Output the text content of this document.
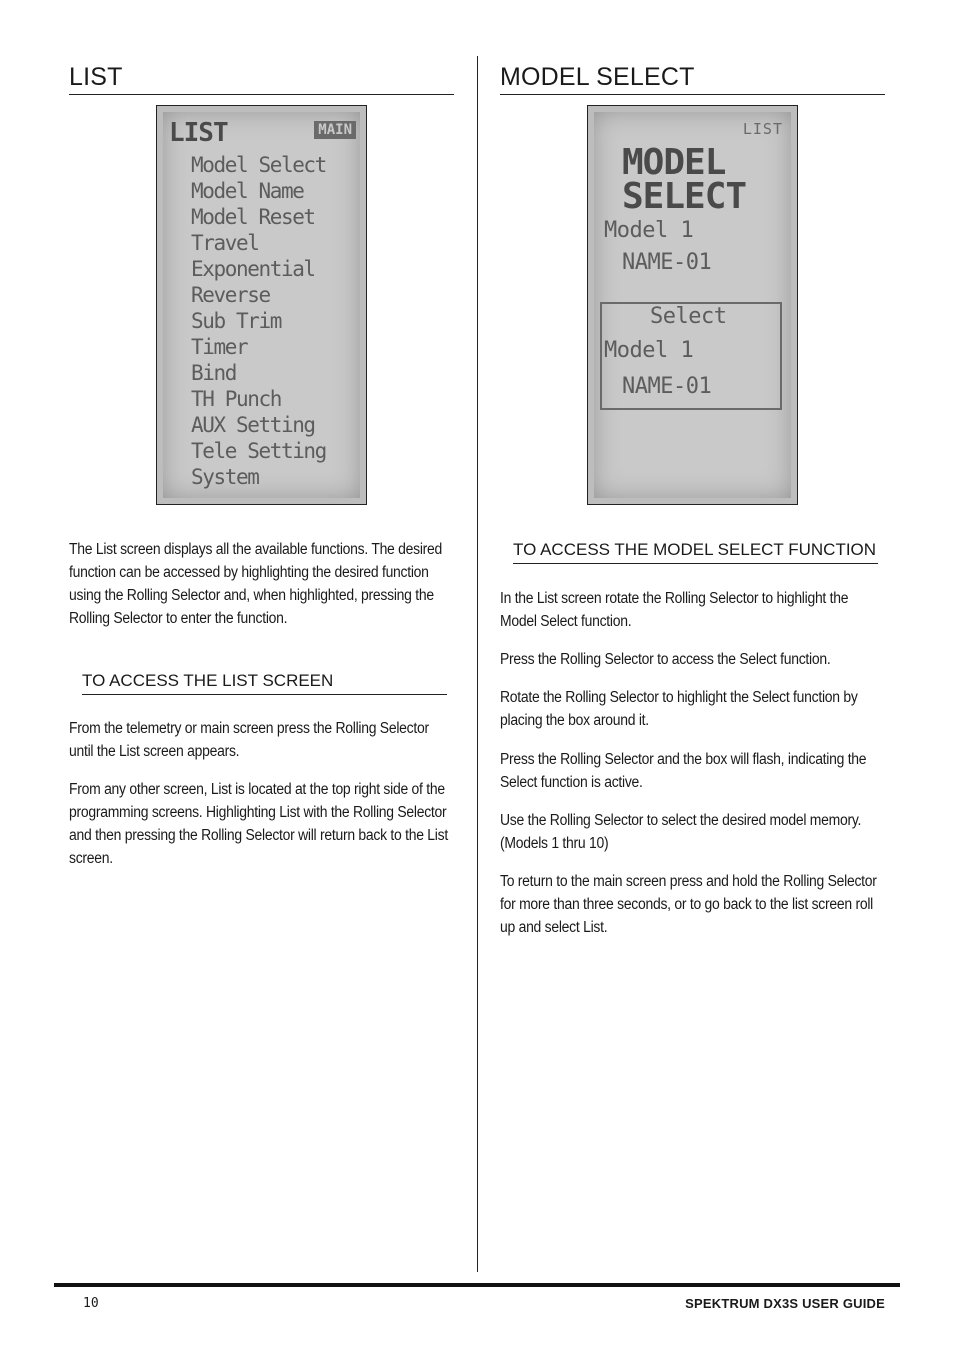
LIST
LIST	MAIN
Model Select
Model Name
Model Reset
Travel
Exponential
Reverse
Sub Trim
Timer
Bind
TH Punch
AUX Setting
Tele Setting
System

The List screen displays all the available functions. The desired function can be accessed by highlighting the desired function using the Rolling Selector and, when highlighted, pressing the Rolling Selector to enter the function.

TO ACCESS THE LIST SCREEN

From the telemetry or main screen press the Rolling Selector until the List screen appears.

From any other screen, List is located at the top right side of the programming screens. Highlighting List with the Rolling Selector and then pressing the Rolling Selector will return back to the List screen.

MODEL SELECT
LIST
MODEL
SELECT
Model 1
NAME-01
Select
Model 1
NAME-01
TO ACCESS THE MODEL SELECT FUNCTION

In the List screen rotate the Rolling Selector to highlight the Model Select function.

Press the Rolling Selector to access the Select function.

Rotate the Rolling Selector to highlight the Select function by placing the box around it.

Press the Rolling Selector and the box will flash, indicating the Select function is active.

Use the Rolling Selector to select the desired model memory. (Models 1 thru 10)

To return to the main screen press and hold the Rolling Selector for more than three seconds, or to go back to the list screen roll up and select List.

10	SPEKTRUM DX3S USER GUIDE
